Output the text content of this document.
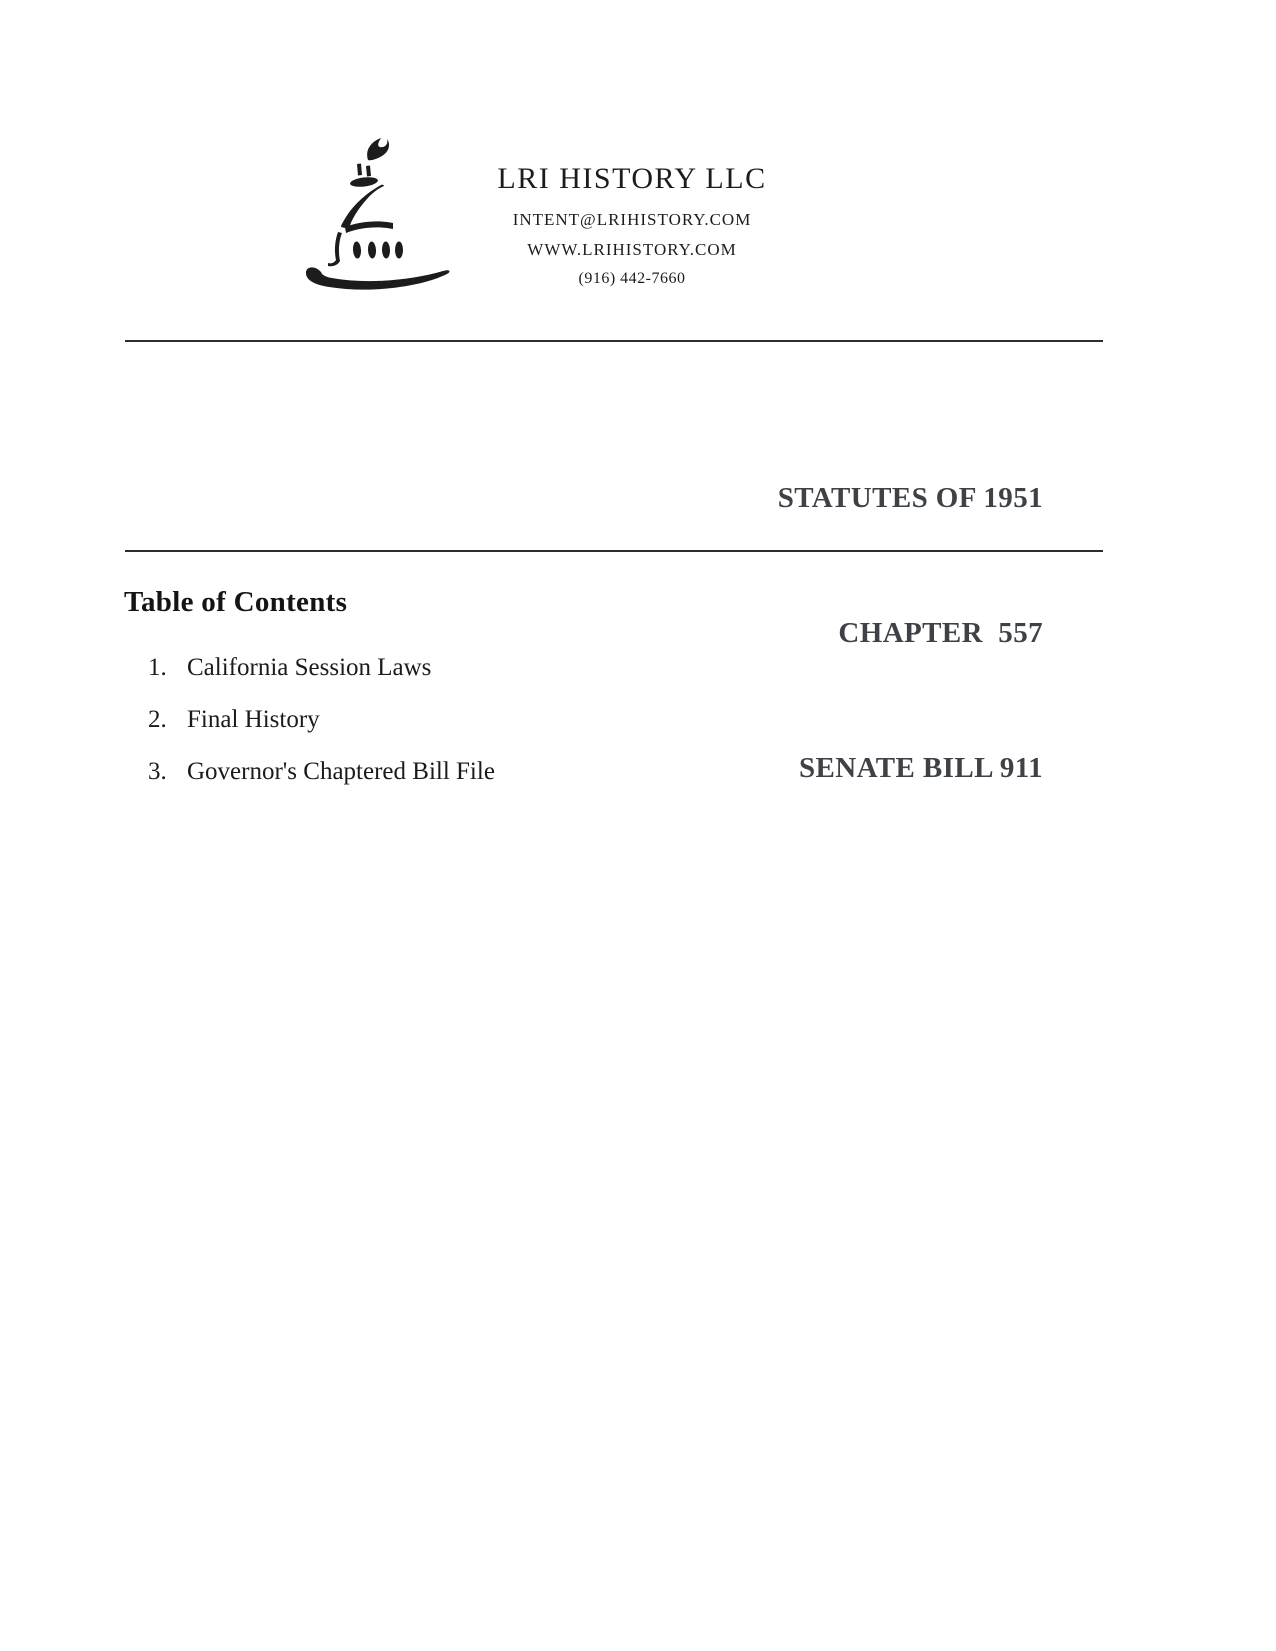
LRI HISTORY LLC
INTENT@LRIHISTORY.COM
WWW.LRIHISTORY.COM
(916) 442-7660

STATUTES OF 1951

CHAPTER  557

SENATE BILL 911

Table of Contents
1. California Session Laws
2. Final History
3. Governor's Chaptered Bill File
